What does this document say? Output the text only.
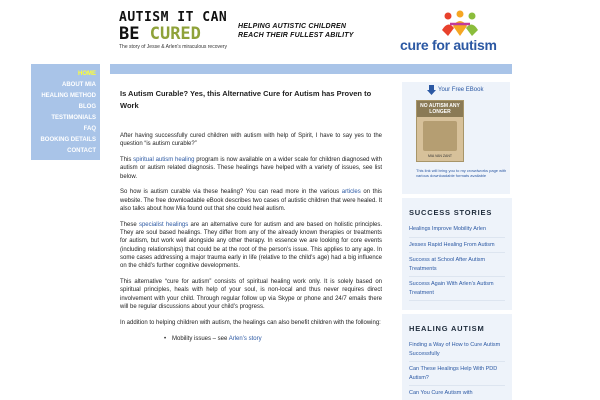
AUTISM IT CAN
BE CURED
The story of Jesse & Arlen's miraculous recovery
HELPING AUTISTIC CHILDREN REACH THEIR FULLEST ABILITY
cure for autism
HOME
ABOUT MIA
HEALING METHOD
BLOG
TESTIMONIALS
FAQ
BOOKING DETAILS
CONTACT
Is Autism Curable? Yes, this Alternative Cure for Autism has Proven to Work

After having successfully cured children with autism with help of Spirit, I have to say yes to the question “is autism curable?”

This spiritual autism healing program is now available on a wider scale for children diagnosed with autism or autism related diagnosis. These healings have helped with a variety of issues, see list below.

So how is autism curable via these healing? You can read more in the various articles on this website. The free downloadable eBook describes two cases of autistic children that were healed. It also talks about how Mia found out that she could heal autism.

These specialist healings are an alternative cure for autism and are based on holistic principles. They are soul based healings. They differ from any of the already known therapies or treatments for autism, but work well alongside any other therapy. In essence we are looking for core events (including relationships) that could be at the root of the person’s issue. This applies to any age. In some cases addressing a major trauma early in life (relative to the child’s age) had a big influence on the child’s further cognitive developments.

This alternative “cure for autism” consists of spiritual healing work only. It is solely based on spiritual principles, heals with help of your soul, is non-local and thus never requires direct involvement with your child. Through regular follow up via Skype or phone and 24/7 emails there will be regular discussions about your child’s progress.

In addition to helping children with autism, the healings can also benefit children with the following:

• Mobility issues – see Arlen’s story
Your Free EBook
NO AUTISM ANY LONGER
MIA VAN ZANT
This link will bring you to my crowdworks page with various downloadable formats available
SUCCESS STORIES
Healings Improve Mobility Arlen
Jesses Rapid Healing From Autism
Success at School After Autism Treatments
Success Again With Arlen’s Autism Treatment
HEALING AUTISM
Finding a Way of How to Cure Autism Successfully
Can These Healings Help With PDD Autism?
Can You Cure Autism with
